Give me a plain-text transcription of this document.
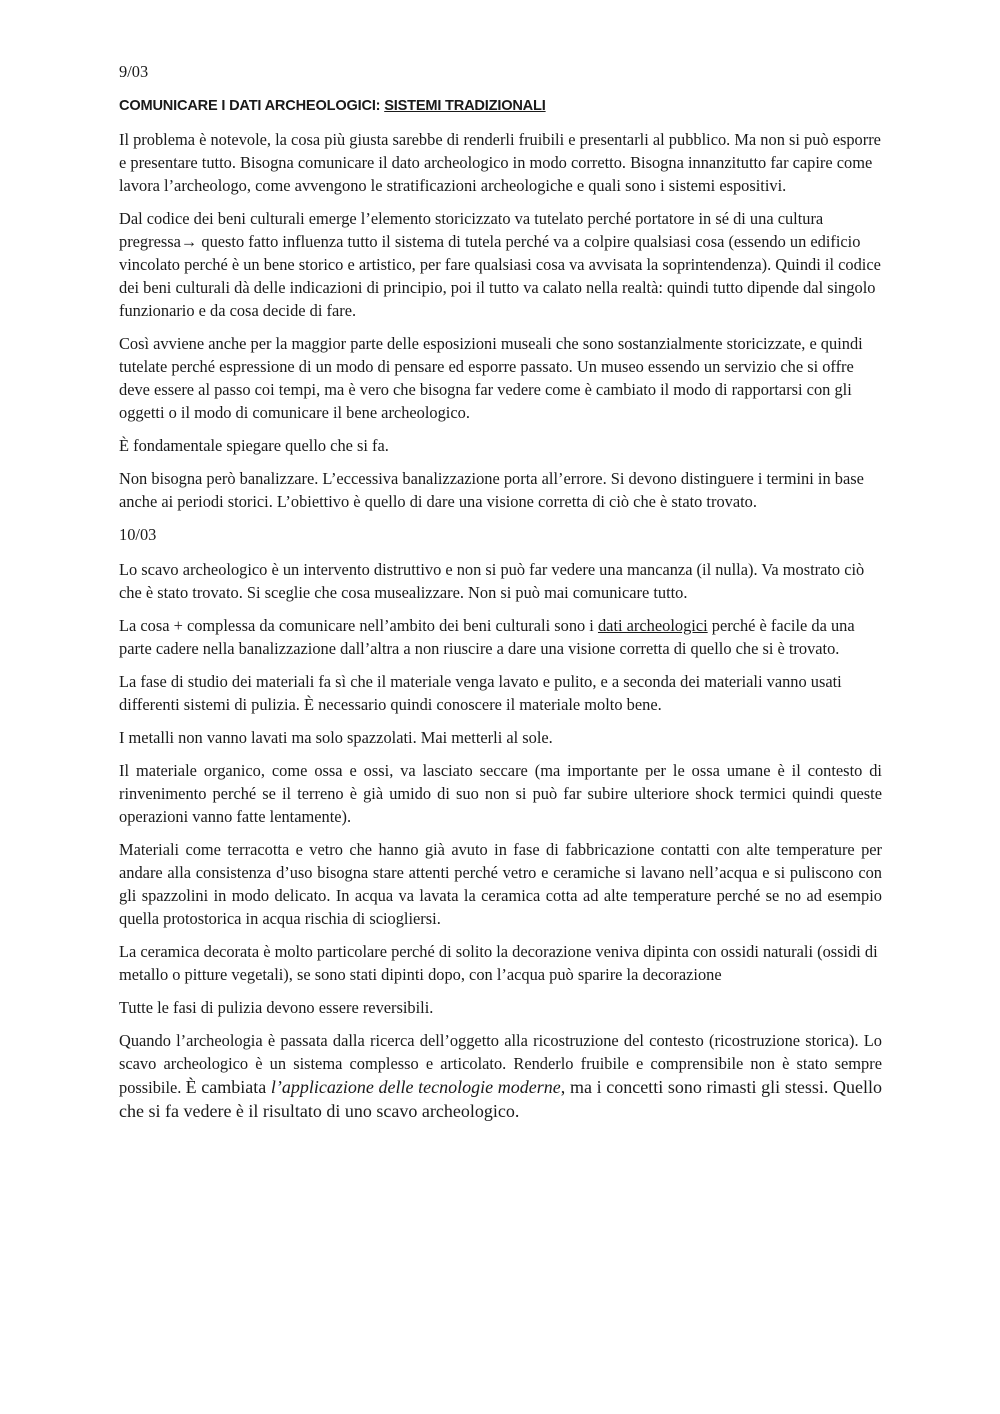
9/03
COMUNICARE I DATI ARCHEOLOGICI: SISTEMI TRADIZIONALI

Il problema è notevole, la cosa più giusta sarebbe di renderli fruibili e presentarli al pubblico. Ma non si può esporre e presentare tutto. Bisogna comunicare il dato archeologico in modo corretto. Bisogna innanzitutto far capire come lavora l’archeologo, come avvengono le stratificazioni archeologiche e quali sono i sistemi espositivi.

Dal codice dei beni culturali emerge l’elemento storicizzato va tutelato perché portatore in sé di una cultura pregressa→ questo fatto influenza tutto il sistema di tutela perché va a colpire qualsiasi cosa (essendo un edificio vincolato perché è un bene storico e artistico, per fare qualsiasi cosa va avvisata la soprintendenza). Quindi il codice dei beni culturali dà delle indicazioni di principio, poi il tutto va calato nella realtà: quindi tutto dipende dal singolo funzionario e da cosa decide di fare.

Così avviene anche per la maggior parte delle esposizioni museali che sono sostanzialmente storicizzate, e quindi tutelate perché espressione di un modo di pensare ed esporre passato. Un museo essendo un servizio che si offre deve essere al passo coi tempi, ma è vero che bisogna far vedere come è cambiato il modo di rapportarsi con gli oggetti o il modo di comunicare il bene archeologico.

È fondamentale spiegare quello che si fa.

Non bisogna però banalizzare. L’eccessiva banalizzazione porta all’errore. Si devono distinguere i termini in base anche ai periodi storici. L’obiettivo è quello di dare una visione corretta di ciò che è stato trovato.

10/03

Lo scavo archeologico è un intervento distruttivo e non si può far vedere una mancanza (il nulla). Va mostrato ciò che è stato trovato. Si sceglie che cosa musealizzare. Non si può mai comunicare tutto.

La cosa + complessa da comunicare nell’ambito dei beni culturali sono i dati archeologici perché è facile da una parte cadere nella banalizzazione dall’altra a non riuscire a dare una visione corretta di quello che si è trovato.

La fase di studio dei materiali fa sì che il materiale venga lavato e pulito, e a seconda dei materiali vanno usati differenti sistemi di pulizia. È necessario quindi conoscere il materiale molto bene.

I metalli non vanno lavati ma solo spazzolati. Mai metterli al sole.

Il materiale organico, come ossa e ossi, va lasciato seccare (ma importante per le ossa umane è il contesto di rinvenimento perché se il terreno è già umido di suo non si può far subire ulteriore shock termici quindi queste operazioni vanno fatte lentamente).

Materiali come terracotta e vetro che hanno già avuto in fase di fabbricazione contatti con alte temperature per andare alla consistenza d’uso bisogna stare attenti perché vetro e ceramiche si lavano nell’acqua e si puliscono con gli spazzolini in modo delicato. In acqua va lavata la ceramica cotta ad alte temperature perché se no ad esempio quella protostorica in acqua rischia di sciogliersi.

La ceramica decorata è molto particolare perché di solito la decorazione veniva dipinta con ossidi naturali (ossidi di metallo o pitture vegetali), se sono stati dipinti dopo, con l’acqua può sparire la decorazione

Tutte le fasi di pulizia devono essere reversibili.

Quando l’archeologia è passata dalla ricerca dell’oggetto alla ricostruzione del contesto (ricostruzione storica). Lo scavo archeologico è un sistema complesso e articolato. Renderlo fruibile e comprensibile non è stato sempre possibile. È cambiata l’applicazione delle tecnologie moderne, ma i concetti sono rimasti gli stessi. Quello che si fa vedere è il risultato di uno scavo archeologico.
